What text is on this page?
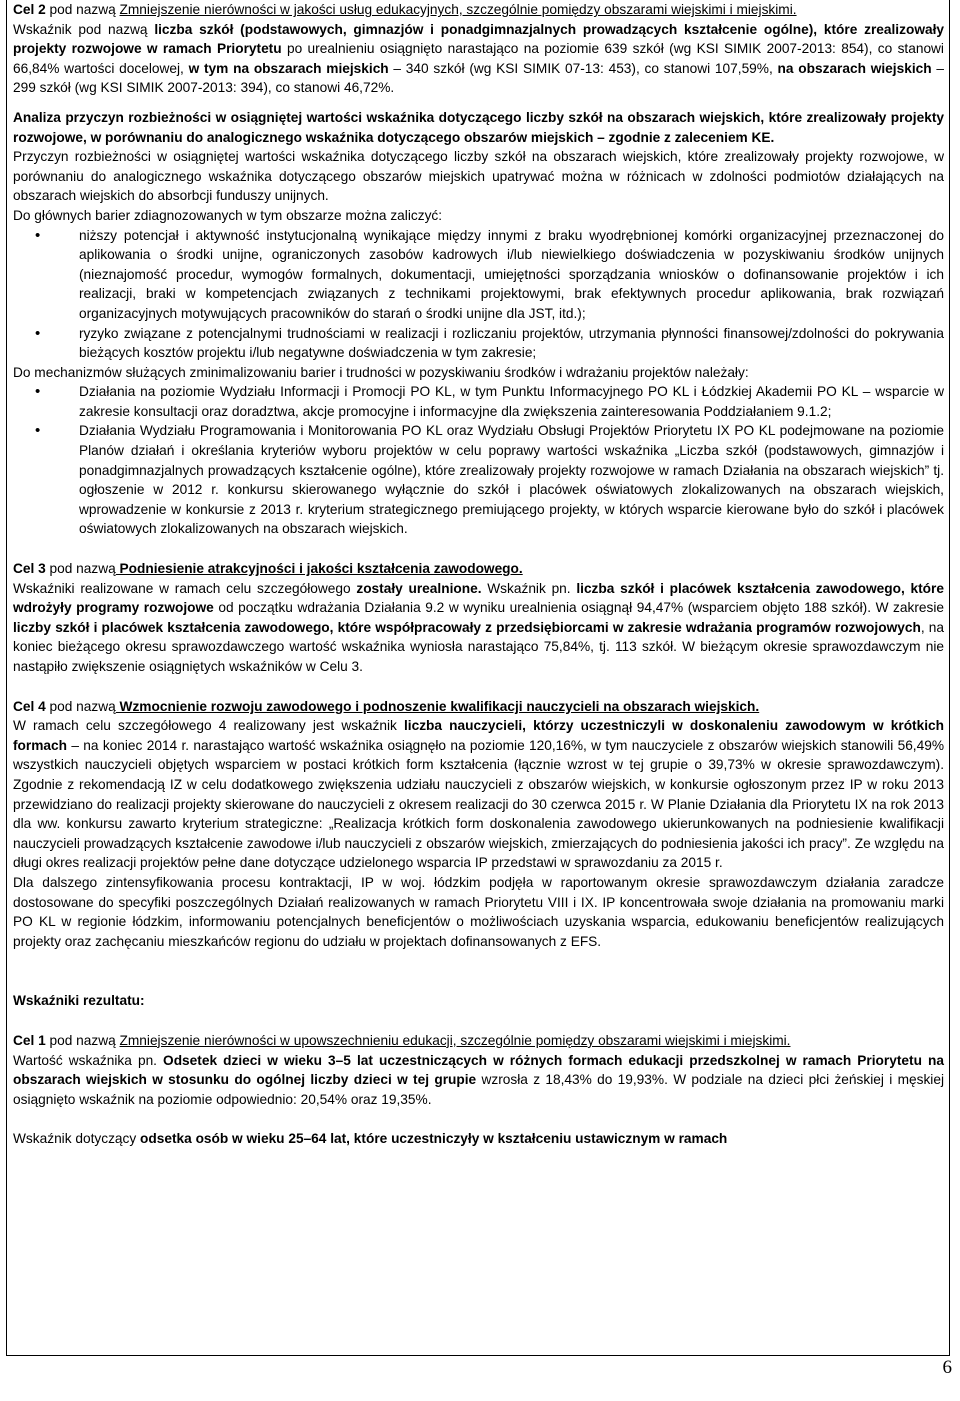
Cel 2 pod nazwą Zmniejszenie nierówności w jakości usług edukacyjnych, szczególnie pomiędzy obszarami wiejskimi i miejskimi.

Wskaźnik pod nazwą liczba szkół (podstawowych, gimnazjów i ponadgimnazjalnych prowadzących kształcenie ogólne), które zrealizowały projekty rozwojowe w ramach Priorytetu po urealnieniu osiągnięto narastająco na poziomie 639 szkół (wg KSI SIMIK 2007-2013: 854), co stanowi 66,84% wartości docelowej, w tym na obszarach miejskich – 340 szkół (wg KSI SIMIK 07-13: 453), co stanowi 107,59%, na obszarach wiejskich – 299 szkół (wg KSI SIMIK 2007-2013: 394), co stanowi 46,72%.

Analiza przyczyn rozbieżności w osiągniętej wartości wskaźnika dotyczącego liczby szkół na obszarach wiejskich, które zrealizowały projekty rozwojowe, w porównaniu do analogicznego wskaźnika dotyczącego obszarów miejskich – zgodnie z zaleceniem KE.

Przyczyn rozbieżności w osiągniętej wartości wskaźnika dotyczącego liczby szkół na obszarach wiejskich, które zrealizowały projekty rozwojowe, w porównaniu do analogicznego wskaźnika dotyczącego obszarów miejskich upatrywać można w różnicach w zdolności podmiotów działających na obszarach wiejskich do absorbcji funduszy unijnych.

Do głównych barier zdiagnozowanych w tym obszarze można zaliczyć:

• niższy potencjał i aktywność instytucjonalną wynikające między innymi z braku wyodrębnionej komórki organizacyjnej przeznaczonej do aplikowania o środki unijne, ograniczonych zasobów kadrowych i/lub niewielkiego doświadczenia w pozyskiwaniu środków unijnych (nieznajomość procedur, wymogów formalnych, dokumentacji, umiejętności sporządzania wniosków o dofinansowanie projektów i ich realizacji, braki w kompetencjach związanych z technikami projektowymi, brak efektywnych procedur aplikowania, brak rozwiązań organizacyjnych motywujących pracowników do starań o środki unijne dla JST, itd.);
• ryzyko związane z potencjalnymi trudnościami w realizacji i rozliczaniu projektów, utrzymania płynności finansowej/zdolności do pokrywania bieżących kosztów projektu i/lub negatywne doświadczenia w tym zakresie;

Do mechanizmów służących zminimalizowaniu barier i trudności w pozyskiwaniu środków i wdrażaniu projektów należały:

• Działania na poziomie Wydziału Informacji i Promocji PO KL, w tym Punktu Informacyjnego PO KL i Łódzkiej Akademii PO KL – wsparcie w zakresie konsultacji oraz doradztwa, akcje promocyjne i informacyjne dla zwiększenia zainteresowania Poddziałaniem 9.1.2;
• Działania Wydziału Programowania i Monitorowania PO KL oraz Wydziału Obsługi Projektów Priorytetu IX PO KL podejmowane na poziomie Planów działań i określania kryteriów wyboru projektów w celu poprawy wartości wskaźnika „Liczba szkół (podstawowych, gimnazjów i ponadgimnazjalnych prowadzących kształcenie ogólne), które zrealizowały projekty rozwojowe w ramach Działania na obszarach wiejskich” tj. ogłoszenie w 2012 r. konkursu skierowanego wyłącznie do szkół i placówek oświatowych zlokalizowanych na obszarach wiejskich, wprowadzenie w konkursie z 2013 r. kryterium strategicznego premiującego projekty, w których wsparcie kierowane było do szkół i placówek oświatowych zlokalizowanych na obszarach wiejskich.

Cel 3 pod nazwą Podniesienie atrakcyjności i jakości kształcenia zawodowego.

Wskaźniki realizowane w ramach celu szczegółowego zostały urealnione. Wskaźnik pn. liczba szkół i placówek kształcenia zawodowego, które wdrożyły programy rozwojowe od początku wdrażania Działania 9.2 w wyniku urealnienia osiągnął 94,47% (wsparciem objęto 188 szkół). W zakresie liczby szkół i placówek kształcenia zawodowego, które współpracowały z przedsiębiorcami w zakresie wdrażania programów rozwojowych, na koniec bieżącego okresu sprawozdawczego wartość wskaźnika wyniosła narastająco 75,84%, tj. 113 szkół. W bieżącym okresie sprawozdawczym nie nastąpiło zwiększenie osiągniętych wskaźników w Celu 3.

Cel 4 pod nazwą Wzmocnienie rozwoju zawodowego i podnoszenie kwalifikacji nauczycieli na obszarach wiejskich.

W ramach celu szczegółowego 4 realizowany jest wskaźnik liczba nauczycieli, którzy uczestniczyli w doskonaleniu zawodowym w krótkich formach – na koniec 2014 r. narastająco wartość wskaźnika osiągnęło na poziomie 120,16%, w tym nauczyciele z obszarów wiejskich stanowili 56,49% wszystkich nauczycieli objętych wsparciem w postaci krótkich form kształcenia (łącznie wzrost w tej grupie o 39,73% w okresie sprawozdawczym). Zgodnie z rekomendacją IZ w celu dodatkowego zwiększenia udziału nauczycieli z obszarów wiejskich, w konkursie ogłoszonym przez IP w roku 2013 przewidziano do realizacji projekty skierowane do nauczycieli z okresem realizacji do 30 czerwca 2015 r. W Planie Działania dla Priorytetu IX na rok 2013 dla ww. konkursu zawarto kryterium strategiczne: „Realizacja krótkich form doskonalenia zawodowego ukierunkowanych na podniesienie kwalifikacji nauczycieli prowadzących kształcenie zawodowe i/lub nauczycieli z obszarów wiejskich, zmierzających do podniesienia jakości ich pracy”. Ze względu na długi okres realizacji projektów pełne dane dotyczące udzielonego wsparcia IP przedstawi w sprawozdaniu za 2015 r.

Dla dalszego zintensyfikowania procesu kontraktacji, IP w woj. łódzkim podjęła w raportowanym okresie sprawozdawczym działania zaradcze dostosowane do specyfiki poszczególnych Działań realizowanych w ramach Priorytetu VIII i IX. IP koncentrowała swoje działania na promowaniu marki PO KL w regionie łódzkim, informowaniu potencjalnych beneficjentów o możliwościach uzyskania wsparcia, edukowaniu beneficjentów realizujących projekty oraz zachęcaniu mieszkańców regionu do udziału w projektach dofinansowanych z EFS.

Wskaźniki rezultatu:

Cel 1 pod nazwą Zmniejszenie nierówności w upowszechnieniu edukacji, szczególnie pomiędzy obszarami wiejskimi i miejskimi.

Wartość wskaźnika pn. Odsetek dzieci w wieku 3–5 lat uczestniczących w różnych formach edukacji przedszkolnej w ramach Priorytetu na obszarach wiejskich w stosunku do ogólnej liczby dzieci w tej grupie wzrosła z 18,43% do 19,93%. W podziale na dzieci płci żeńskiej i męskiej osiągnięto wskaźnik na poziomie odpowiednio: 20,54% oraz 19,35%.

Wskaźnik dotyczący odsetka osób w wieku 25–64 lat, które uczestniczyły w kształceniu ustawicznym w ramach

6
